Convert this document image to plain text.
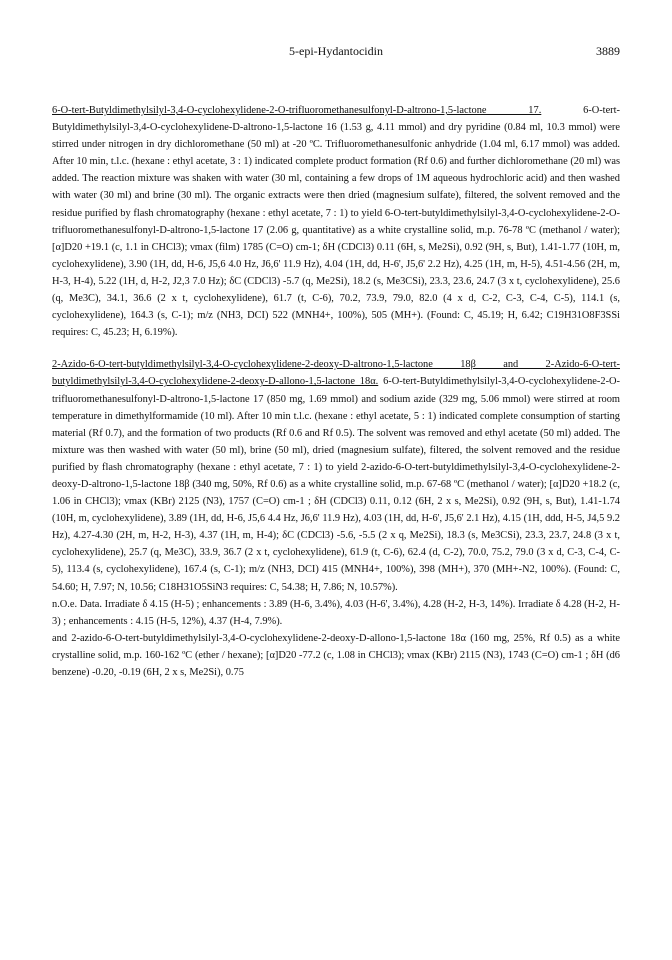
5-epi-Hydantocidin	3889

6-O-tert-Butyldimethylsilyl-3,4-O-cyclohexylidene-2-O-trifluoromethanesulfonyl-D-altrono-1,5-lactone 17.	6-O-tert-Butyldimethylsilyl-3,4-O-cyclohexylidene-D-altrono-1,5-lactone 16 (1.53 g, 4.11 mmol) and dry pyridine (0.84 ml, 10.3 mmol) were stirred under nitrogen in dry dichloromethane (50 ml) at -20 ºC. Trifluoromethanesulfonic anhydride (1.04 ml, 6.17 mmol) was added. After 10 min, t.l.c. (hexane : ethyl acetate, 3 : 1) indicated complete product formation (Rf 0.6) and further dichloromethane (20 ml) was added. The reaction mixture was shaken with water (30 ml, containing a few drops of 1M aqueous hydrochloric acid) and then washed with water (30 ml) and brine (30 ml). The organic extracts were then dried (magnesium sulfate), filtered, the solvent removed and the residue purified by flash chromatography (hexane : ethyl acetate, 7 : 1) to yield 6-O-tert-butyldimethylsilyl-3,4-O-cyclohexylidene-2-O-trifluoromethanesulfonyl-D-altrono-1,5-lactone 17 (2.06 g, quantitative) as a white crystalline solid, m.p. 76-78 ºC (methanol / water); [α]D20 +19.1 (c, 1.1 in CHCl3); νmax (film) 1785 (C=O) cm-1; δH (CDCl3) 0.11 (6H, s, Me2Si), 0.92 (9H, s, But), 1.41-1.77 (10H, m, cyclohexylidene), 3.90 (1H, dd, H-6, J5,6 4.0 Hz, J6,6' 11.9 Hz), 4.04 (1H, dd, H-6', J5,6' 2.2 Hz), 4.25 (1H, m, H-5), 4.51-4.56 (2H, m, H-3, H-4), 5.22 (1H, d, H-2, J2,3 7.0 Hz); δC (CDCl3) -5.7 (q, Me2Si), 18.2 (s, Me3CSi), 23.3, 23.6, 24.7 (3 x t, cyclohexylidene), 25.6 (q, Me3C), 34.1, 36.6 (2 x t, cyclohexylidene), 61.7 (t, C-6), 70.2, 73.9, 79.0, 82.0 (4 x d, C-2, C-3, C-4, C-5), 114.1 (s, cyclohexylidene), 164.3 (s, C-1); m/z (NH3, DCI) 522 (MNH4+, 100%), 505 (MH+). (Found: C, 45.19; H, 6.42; C19H31O8F3SSi requires: C, 45.23; H, 6.19%).

2-Azido-6-O-tert-butyldimethylsilyl-3,4-O-cyclohexylidene-2-deoxy-D-altrono-1,5-lactone 18β and 2-Azido-6-O-tert-butyldimethylsilyl-3,4-O-cyclohexylidene-2-deoxy-D-allono-1,5-lactone 18α. 6-O-tert-Butyldimethylsilyl-3,4-O-cyclohexylidene-2-O-trifluoromethanesulfonyl-D-altrono-1,5-lactone 17 (850 mg, 1.69 mmol) and sodium azide (329 mg, 5.06 mmol) were stirred at room temperature in dimethylformamide (10 ml). After 10 min t.l.c. (hexane : ethyl acetate, 5 : 1) indicated complete consumption of starting material (Rf 0.7), and the formation of two products (Rf 0.6 and Rf 0.5). The solvent was removed and ethyl acetate (50 ml) added. The mixture was then washed with water (50 ml), brine (50 ml), dried (magnesium sulfate), filtered, the solvent removed and the residue purified by flash chromatography (hexane : ethyl acetate, 7 : 1) to yield 2-azido-6-O-tert-butyldimethylsilyl-3,4-O-cyclohexylidene-2-deoxy-D-altrono-1,5-lactone 18β (340 mg, 50%, Rf 0.6) as a white crystalline solid, m.p. 67-68 ºC (methanol / water); [α]D20 +18.2 (c, 1.06 in CHCl3); νmax (KBr) 2125 (N3), 1757 (C=O) cm-1 ; δH (CDCl3) 0.11, 0.12 (6H, 2 x s, Me2Si), 0.92 (9H, s, But), 1.41-1.74 (10H, m, cyclohexylidene), 3.89 (1H, dd, H-6, J5,6 4.4 Hz, J6,6' 11.9 Hz), 4.03 (1H, dd, H-6', J5,6' 2.1 Hz), 4.15 (1H, ddd, H-5, J4,5 9.2 Hz), 4.27-4.30 (2H, m, H-2, H-3), 4.37 (1H, m, H-4); δC (CDCl3) -5.6, -5.5 (2 x q, Me2Si), 18.3 (s, Me3CSi), 23.3, 23.7, 24.8 (3 x t, cyclohexylidene), 25.7 (q, Me3C), 33.9, 36.7 (2 x t, cyclohexylidene), 61.9 (t, C-6), 62.4 (d, C-2), 70.0, 75.2, 79.0 (3 x d, C-3, C-4, C-5), 113.4 (s, cyclohexylidene), 167.4 (s, C-1); m/z (NH3, DCI) 415 (MNH4+, 100%), 398 (MH+), 370 (MH+-N2, 100%). (Found: C, 54.60; H, 7.97; N, 10.56; C18H31O5SiN3 requires: C, 54.38; H, 7.86; N, 10.57%).

n.O.e. Data. Irradiate δ 4.15 (H-5) ; enhancements : 3.89 (H-6, 3.4%), 4.03 (H-6', 3.4%), 4.28 (H-2, H-3, 14%). Irradiate δ 4.28 (H-2, H-3) ; enhancements : 4.15 (H-5, 12%), 4.37 (H-4, 7.9%).

and 2-azido-6-O-tert-butyldimethylsilyl-3,4-O-cyclohexylidene-2-deoxy-D-allono-1,5-lactone 18α (160 mg, 25%, Rf 0.5) as a white crystalline solid, m.p. 160-162 ºC (ether / hexane); [α]D20 -77.2 (c, 1.08 in CHCl3); νmax (KBr) 2115 (N3), 1743 (C=O) cm-1 ; δH (d6 benzene) -0.20, -0.19 (6H, 2 x s, Me2Si), 0.75
